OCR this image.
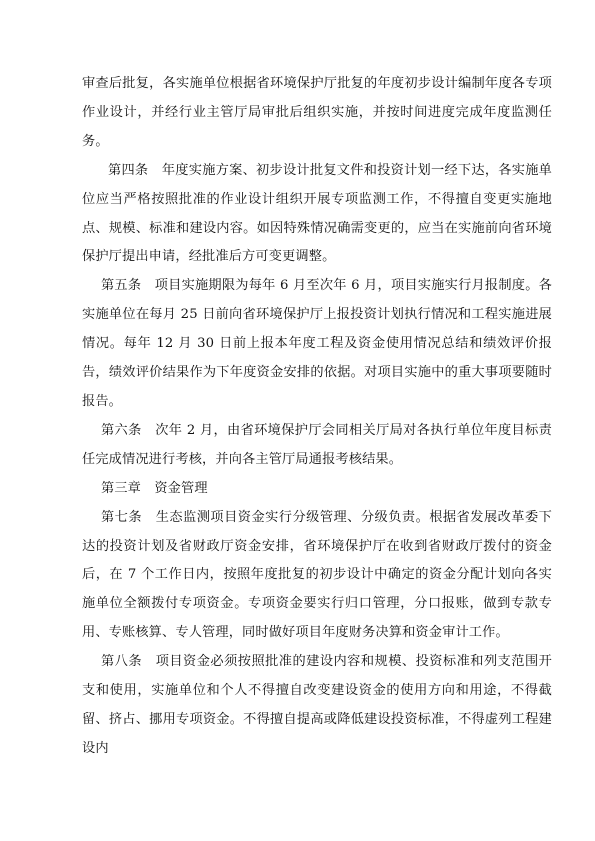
审查后批复，各实施单位根据省环境保护厅批复的年度初步设计编制年度各专项作业设计，并经行业主管厅局审批后组织实施，并按时间进度完成年度监测任务。

第四条　年度实施方案、初步设计批复文件和投资计划一经下达，各实施单位应当严格按照批准的作业设计组织开展专项监测工作，不得擅自变更实施地点、规模、标准和建设内容。如因特殊情况确需变更的，应当在实施前向省环境保护厅提出申请，经批准后方可变更调整。

第五条　项目实施期限为每年 6 月至次年 6 月，项目实施实行月报制度。各实施单位在每月 25 日前向省环境保护厅上报投资计划执行情况和工程实施进展情况。每年 12 月 30 日前上报本年度工程及资金使用情况总结和绩效评价报告，绩效评价结果作为下年度资金安排的依据。对项目实施中的重大事项要随时报告。

第六条　次年 2 月，由省环境保护厅会同相关厅局对各执行单位年度目标责任完成情况进行考核，并向各主管厅局通报考核结果。

第三章　资金管理

第七条　生态监测项目资金实行分级管理、分级负责。根据省发展改革委下达的投资计划及省财政厅资金安排，省环境保护厅在收到省财政厅拨付的资金后，在 7 个工作日内，按照年度批复的初步设计中确定的资金分配计划向各实施单位全额拨付专项资金。专项资金要实行归口管理，分口报账，做到专款专用、专账核算、专人管理，同时做好项目年度财务决算和资金审计工作。

第八条　项目资金必须按照批准的建设内容和规模、投资标准和列支范围开支和使用，实施单位和个人不得擅自改变建设资金的使用方向和用途，不得截留、挤占、挪用专项资金。不得擅自提高或降低建设投资标准，不得虚列工程建设内
